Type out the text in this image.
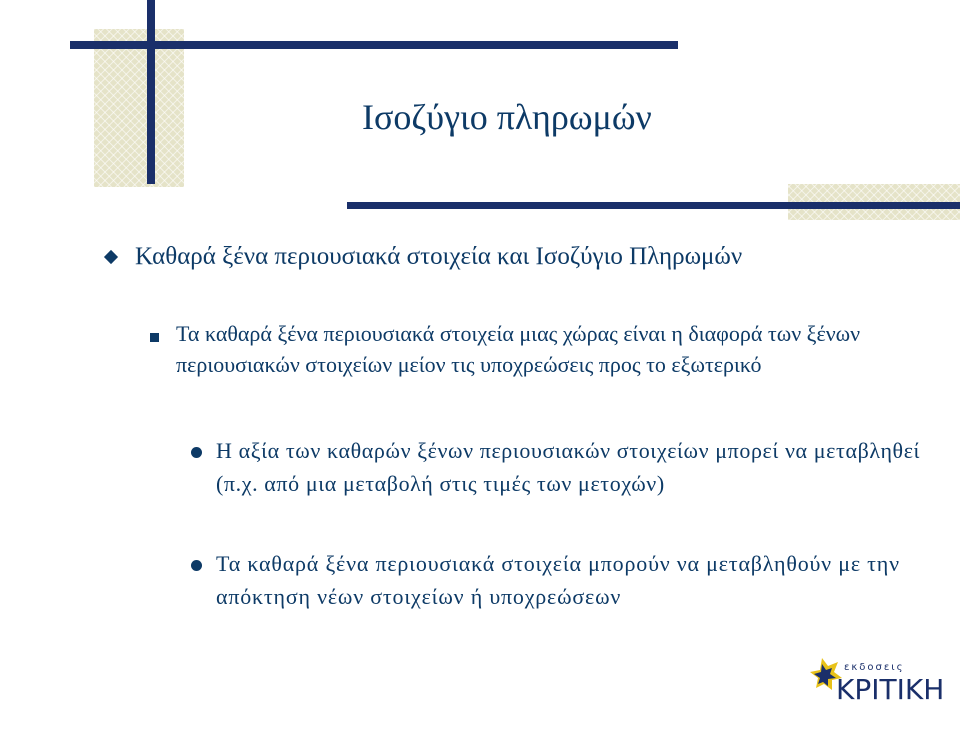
Ισοζύγιο πληρωμών
Καθαρά ξένα περιουσιακά στοιχεία και Ισοζύγιο Πληρωμών
Τα καθαρά ξένα περιουσιακά στοιχεία μιας χώρας είναι η διαφορά των ξένων περιουσιακών στοιχείων μείον τις υποχρεώσεις προς το εξωτερικό
Η αξία των καθαρών ξένων περιουσιακών στοιχείων μπορεί να μεταβληθεί (π.χ. από μια μεταβολή στις τιμές των μετοχών)
Τα καθαρά ξένα περιουσιακά στοιχεία μπορούν να μεταβληθούν με την απόκτηση νέων στοιχείων ή υποχρεώσεων
εκδοσεις
ΚΡΙΤΙΚΗ
